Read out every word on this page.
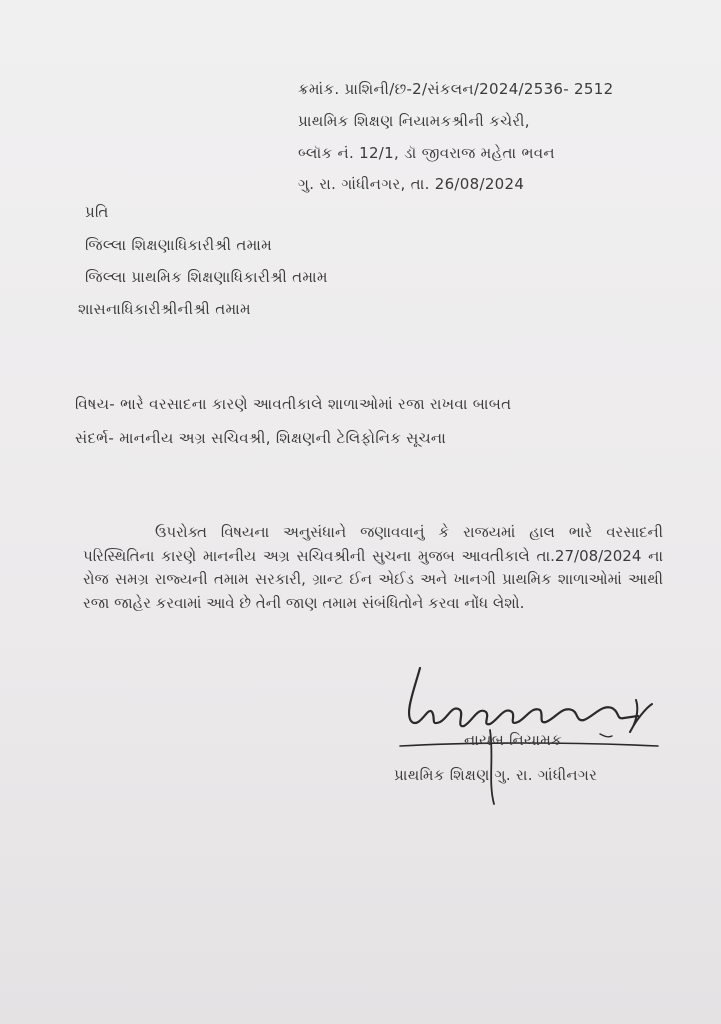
ક્રમાંક. પ્રાશિની/છ-2/સંકલન/2024/2536- 2512
પ્રાથમિક શિક્ષણ નિયામકશ્રીની કચેરી,
બ્લૉક નં. 12/1, ડૉ જીવરાજ મહેતા ભવન
ગુ. રા. ગાંધીનગર, તા. 26/08/2024
પ્રતિ
જિલ્લા શિક્ષણાધિકારીશ્રી તમામ
જિલ્લા પ્રાથમિક શિક્ષણાધિકારીશ્રી તમામ
શાસનાધિકારીશ્રીનીશ્રી તમામ
વિષય- ભારે વરસાદના કારણે આવતીકાલે શાળાઓમાં રજા રાખવા બાબત
સંદર્ભ- માનનીય અગ્ર સચિવશ્રી, શિક્ષણની ટેલિફોનિક સૂચના
ઉપરોક્ત વિષયના અનુસંધાને જણાવવાનું કે રાજયમાં હાલ ભારે વરસાદની પરિસ્થિતિના કારણે માનનીય અગ્ર સચિવશ્રીની સુચના મુજબ આવતીકાલે તા.27/08/2024 ના રોજ સમગ્ર રાજ્યની તમામ સરકારી, ગ્રાન્ટ ઈન એઈડ અને ખાનગી પ્રાથમિક શાળાઓમાં આથી રજા જાહેર કરવામાં આવે છે તેની જાણ તમામ સંબંધિતોને કરવા નોંધ લેશો.
નાયબ નિયામક
પ્રાથમિક શિક્ષણ ગુ. રા. ગાંધીનગર
